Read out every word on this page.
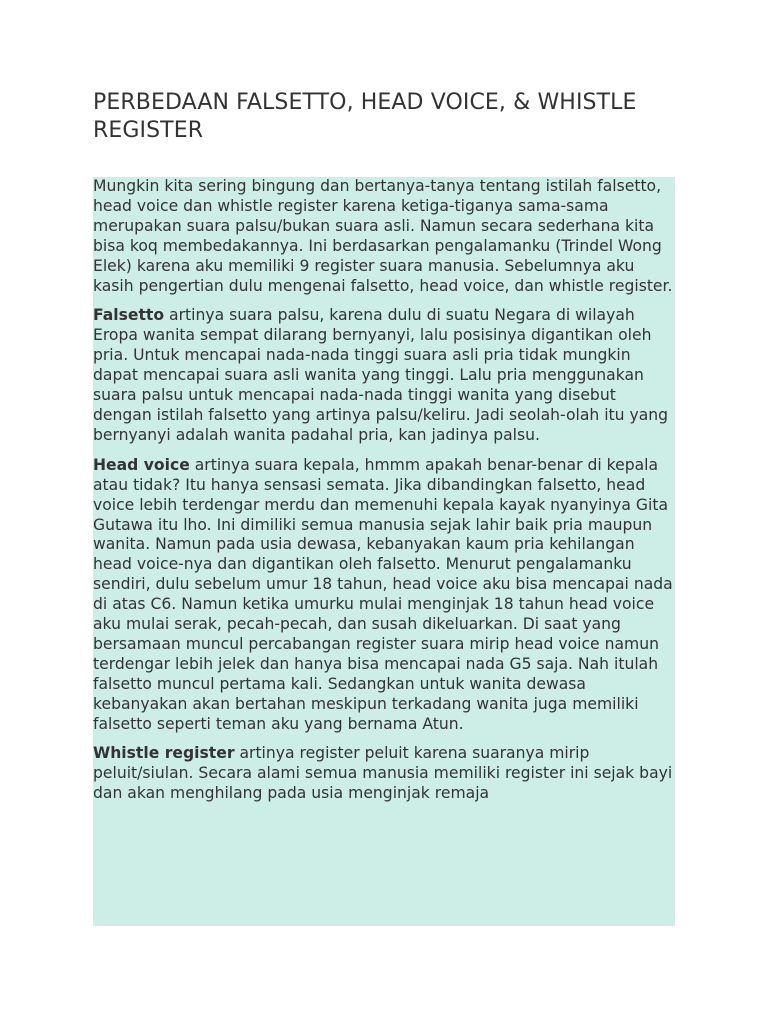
PERBEDAAN FALSETTO, HEAD VOICE, & WHISTLE REGISTER

Mungkin kita sering bingung dan bertanya-tanya tentang istilah falsetto, head voice dan whistle register karena ketiga-tiganya sama-sama merupakan suara palsu/bukan suara asli. Namun secara sederhana kita bisa koq membedakannya. Ini berdasarkan pengalamanku (Trindel Wong Elek) karena aku memiliki 9 register suara manusia. Sebelumnya aku kasih pengertian dulu mengenai falsetto, head voice, dan whistle register.

Falsetto artinya suara palsu, karena dulu di suatu Negara di wilayah Eropa wanita sempat dilarang bernyanyi, lalu posisinya digantikan oleh pria. Untuk mencapai nada-nada tinggi suara asli pria tidak mungkin dapat mencapai suara asli wanita yang tinggi. Lalu pria menggunakan suara palsu untuk mencapai nada-nada tinggi wanita yang disebut dengan istilah falsetto yang artinya palsu/keliru. Jadi seolah-olah itu yang bernyanyi adalah wanita padahal pria, kan jadinya palsu.

Head voice artinya suara kepala, hmmm apakah benar-benar di kepala atau tidak? Itu hanya sensasi semata. Jika dibandingkan falsetto, head voice lebih terdengar merdu dan memenuhi kepala kayak nyanyinya Gita Gutawa itu lho. Ini dimiliki semua manusia sejak lahir baik pria maupun wanita. Namun pada usia dewasa, kebanyakan kaum pria kehilangan head voice-nya dan digantikan oleh falsetto. Menurut pengalamanku sendiri, dulu sebelum umur 18 tahun, head voice aku bisa mencapai nada di atas C6. Namun ketika umurku mulai menginjak 18 tahun head voice aku mulai serak, pecah-pecah, dan susah dikeluarkan. Di saat yang bersamaan muncul percabangan register suara mirip head voice namun terdengar lebih jelek dan hanya bisa mencapai nada G5 saja. Nah itulah falsetto muncul pertama kali. Sedangkan untuk wanita dewasa kebanyakan akan bertahan meskipun terkadang wanita juga memiliki falsetto seperti teman aku yang bernama Atun.

Whistle register artinya register peluit karena suaranya mirip peluit/siulan. Secara alami semua manusia memiliki register ini sejak bayi dan akan menghilang pada usia menginjak remaja
